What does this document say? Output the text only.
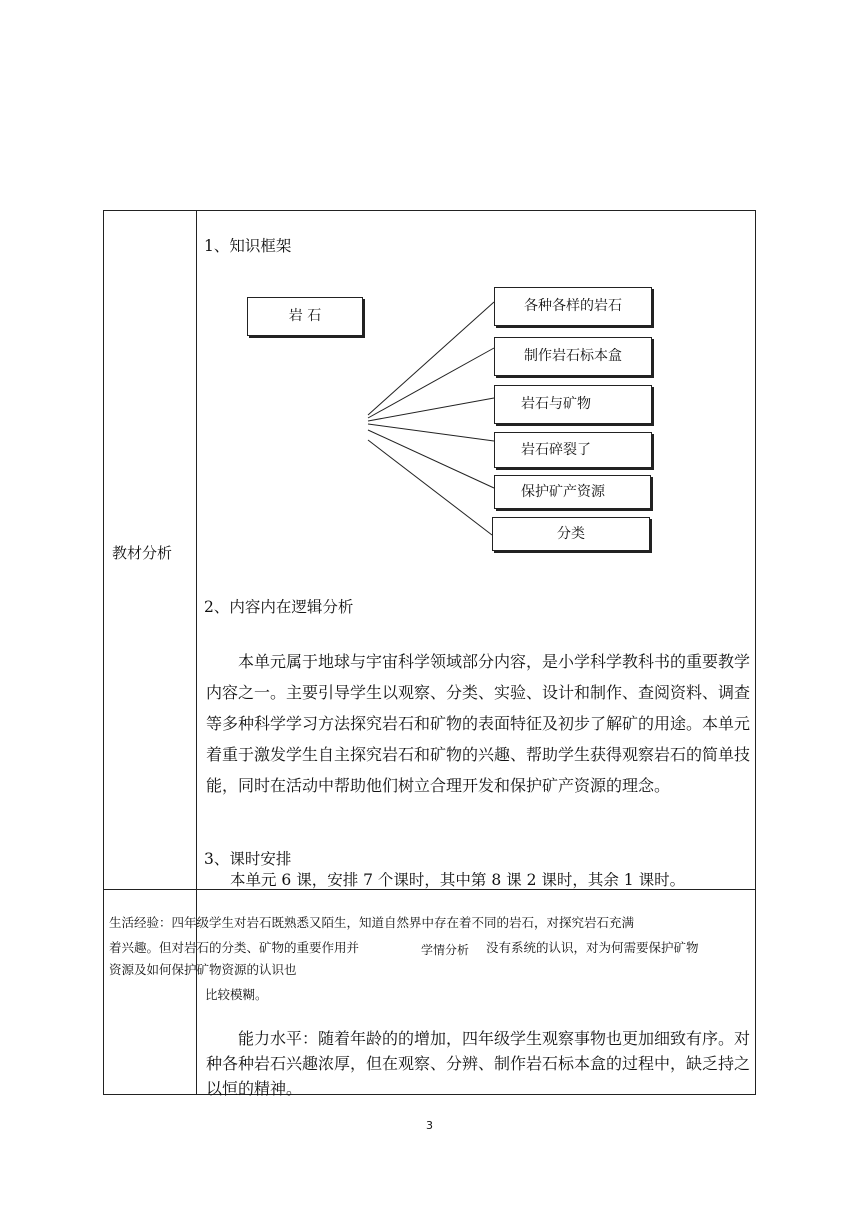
教材分析
1、知识框架
岩 石
各种各样的岩石
制作岩石标本盒
岩石与矿物
岩石碎裂了
保护矿产资源
分类
2、内容内在逻辑分析
本单元属于地球与宇宙科学领域部分内容，是小学科学教科书的重要教学内容之一。主要引导学生以观察、分类、实验、设计和制作、查阅资料、调查等多种科学学习方法探究岩石和矿物的表面特征及初步了解矿的用途。本单元着重于激发学生自主探究岩石和矿物的兴趣、帮助学生获得观察岩石的简单技能，同时在活动中帮助他们树立合理开发和保护矿产资源的理念。
3、课时安排
本单元 6 课，安排 7 个课时，其中第 8 课 2 课时，其余 1 课时。
生活经验：四年级学生对岩石既熟悉又陌生，知道自然界中存在着不同的岩石，对探究岩石充满
着兴趣。但对岩石的分类、矿物的重要作用并	学情分析 没有系统的认识，对为何需要保护矿物
资源及如何保护矿物资源的认识也
比较模糊。
能力水平：随着年龄的的增加，四年级学生观察事物也更加细致有序。对种各种岩石兴趣浓厚，但在观察、分辨、制作岩石标本盒的过程中，缺乏持之以恒的精神。
3
